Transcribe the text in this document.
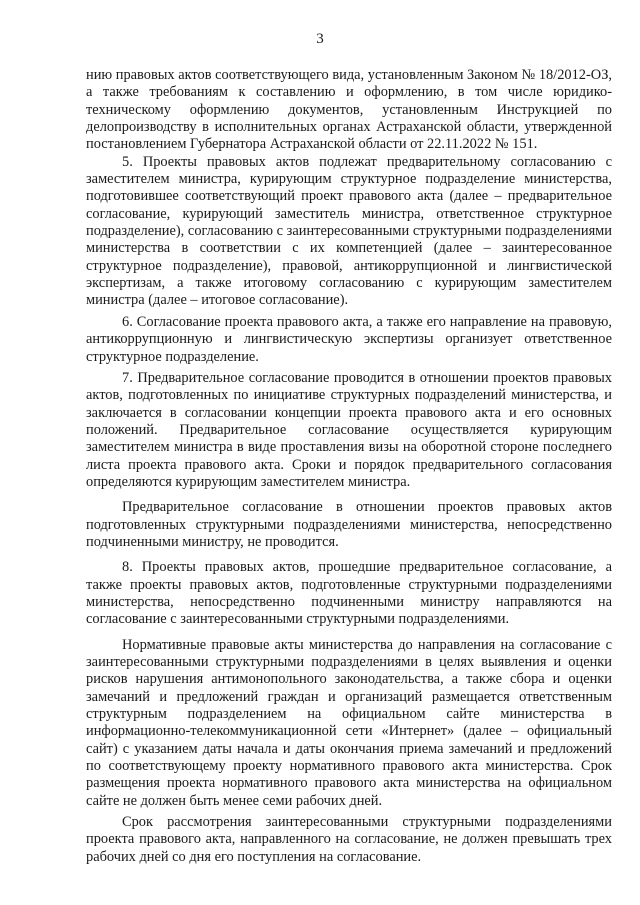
3

нию правовых актов соответствующего вида, установленным Законом № 18/2012-ОЗ, а также требованиям к составлению и оформлению, в том числе юридико-техническому оформлению документов, установленным Инструкцией по делопроизводству в исполнительных органах Астраханской области, утвержденной постановлением Губернатора Астраханской области от 22.11.2022 № 151.

5. Проекты правовых актов подлежат предварительному согласованию с заместителем министра, курирующим структурное подразделение министерства, подготовившее соответствующий проект правового акта (далее – предварительное согласование, курирующий заместитель министра, ответственное структурное подразделение), согласованию с заинтересованными структурными подразделениями министерства в соответствии с их компетенцией (далее – заинтересованное структурное подразделение), правовой, антикоррупционной и лингвистической экспертизам, а также итоговому согласованию с курирующим заместителем министра (далее – итоговое согласование).

6. Согласование проекта правового акта, а также его направление на правовую, антикоррупционную и лингвистическую экспертизы организует ответственное структурное подразделение.

7. Предварительное согласование проводится в отношении проектов правовых актов, подготовленных по инициативе структурных подразделений министерства, и заключается в согласовании концепции проекта правового акта и его основных положений. Предварительное согласование осуществляется курирующим заместителем министра в виде проставления визы на оборотной стороне последнего листа проекта правового акта. Сроки и порядок предварительного согласования определяются курирующим заместителем министра.

Предварительное согласование в отношении проектов правовых актов подготовленных структурными подразделениями министерства, непосредственно подчиненными министру, не проводится.

8. Проекты правовых актов, прошедшие предварительное согласование, а также проекты правовых актов, подготовленные структурными подразделениями министерства, непосредственно подчиненными министру направляются на согласование с заинтересованными структурными подразделениями.

Нормативные правовые акты министерства до направления на согласование с заинтересованными структурными подразделениями в целях выявления и оценки рисков нарушения антимонопольного законодательства, а также сбора и оценки замечаний и предложений граждан и организаций размещается ответственным структурным подразделением на официальном сайте министерства в информационно-телекоммуникационной сети «Интернет» (далее – официальный сайт) с указанием даты начала и даты окончания приема замечаний и предложений по соответствующему проекту нормативного правового акта министерства. Срок размещения проекта нормативного правового акта министерства на официальном сайте не должен быть менее семи рабочих дней.

Срок рассмотрения заинтересованными структурными подразделениями проекта правового акта, направленного на согласование, не должен превышать трех рабочих дней со дня его поступления на согласование.
